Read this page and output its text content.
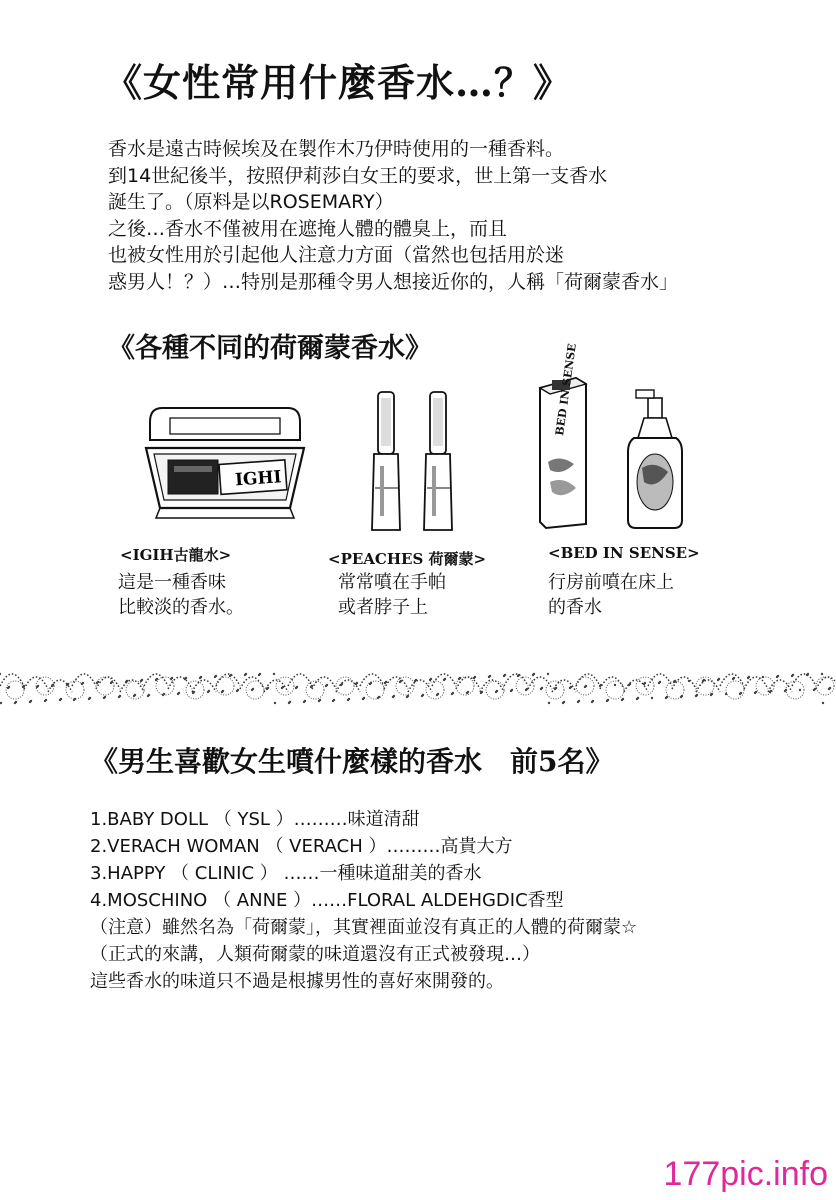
《女性常用什麼香水…？》
香水是遠古時候埃及在製作木乃伊時使用的一種香料。
到14世紀後半，按照伊莉莎白女王的要求，世上第一支香水
誕生了。（原料是以ROSEMARY）
之後…香水不僅被用在遮掩人體的體臭上，而且
也被女性用於引起他人注意力方面（當然也包括用於迷
惑男人！？）…特別是那種令男人想接近你的，人稱「荷爾蒙香水」
《各種不同的荷爾蒙香水》
IGHI
BED IN SENSE
<IGIH古龍水>	<PEACHES 荷爾蒙>	<BED IN SENSE>
這是一種香味
比較淡的香水。
常常噴在手帕
或者脖子上
行房前噴在床上
的香水
《男生喜歡女生噴什麼樣的香水　前5名》
1.BABY DOLL （ YSL ）………味道清甜
2.VERACH WOMAN （ VERACH ）………高貴大方
3.HAPPY （ CLINIC ） ……一種味道甜美的香水
4.MOSCHINO （ ANNE ）……FLORAL ALDEHGDIC香型
（注意）雖然名為「荷爾蒙」，其實裡面並沒有真正的人體的荷爾蒙☆
（正式的來講，人類荷爾蒙的味道還沒有正式被發現…）
這些香水的味道只不過是根據男性的喜好來開發的。
177pic.info
